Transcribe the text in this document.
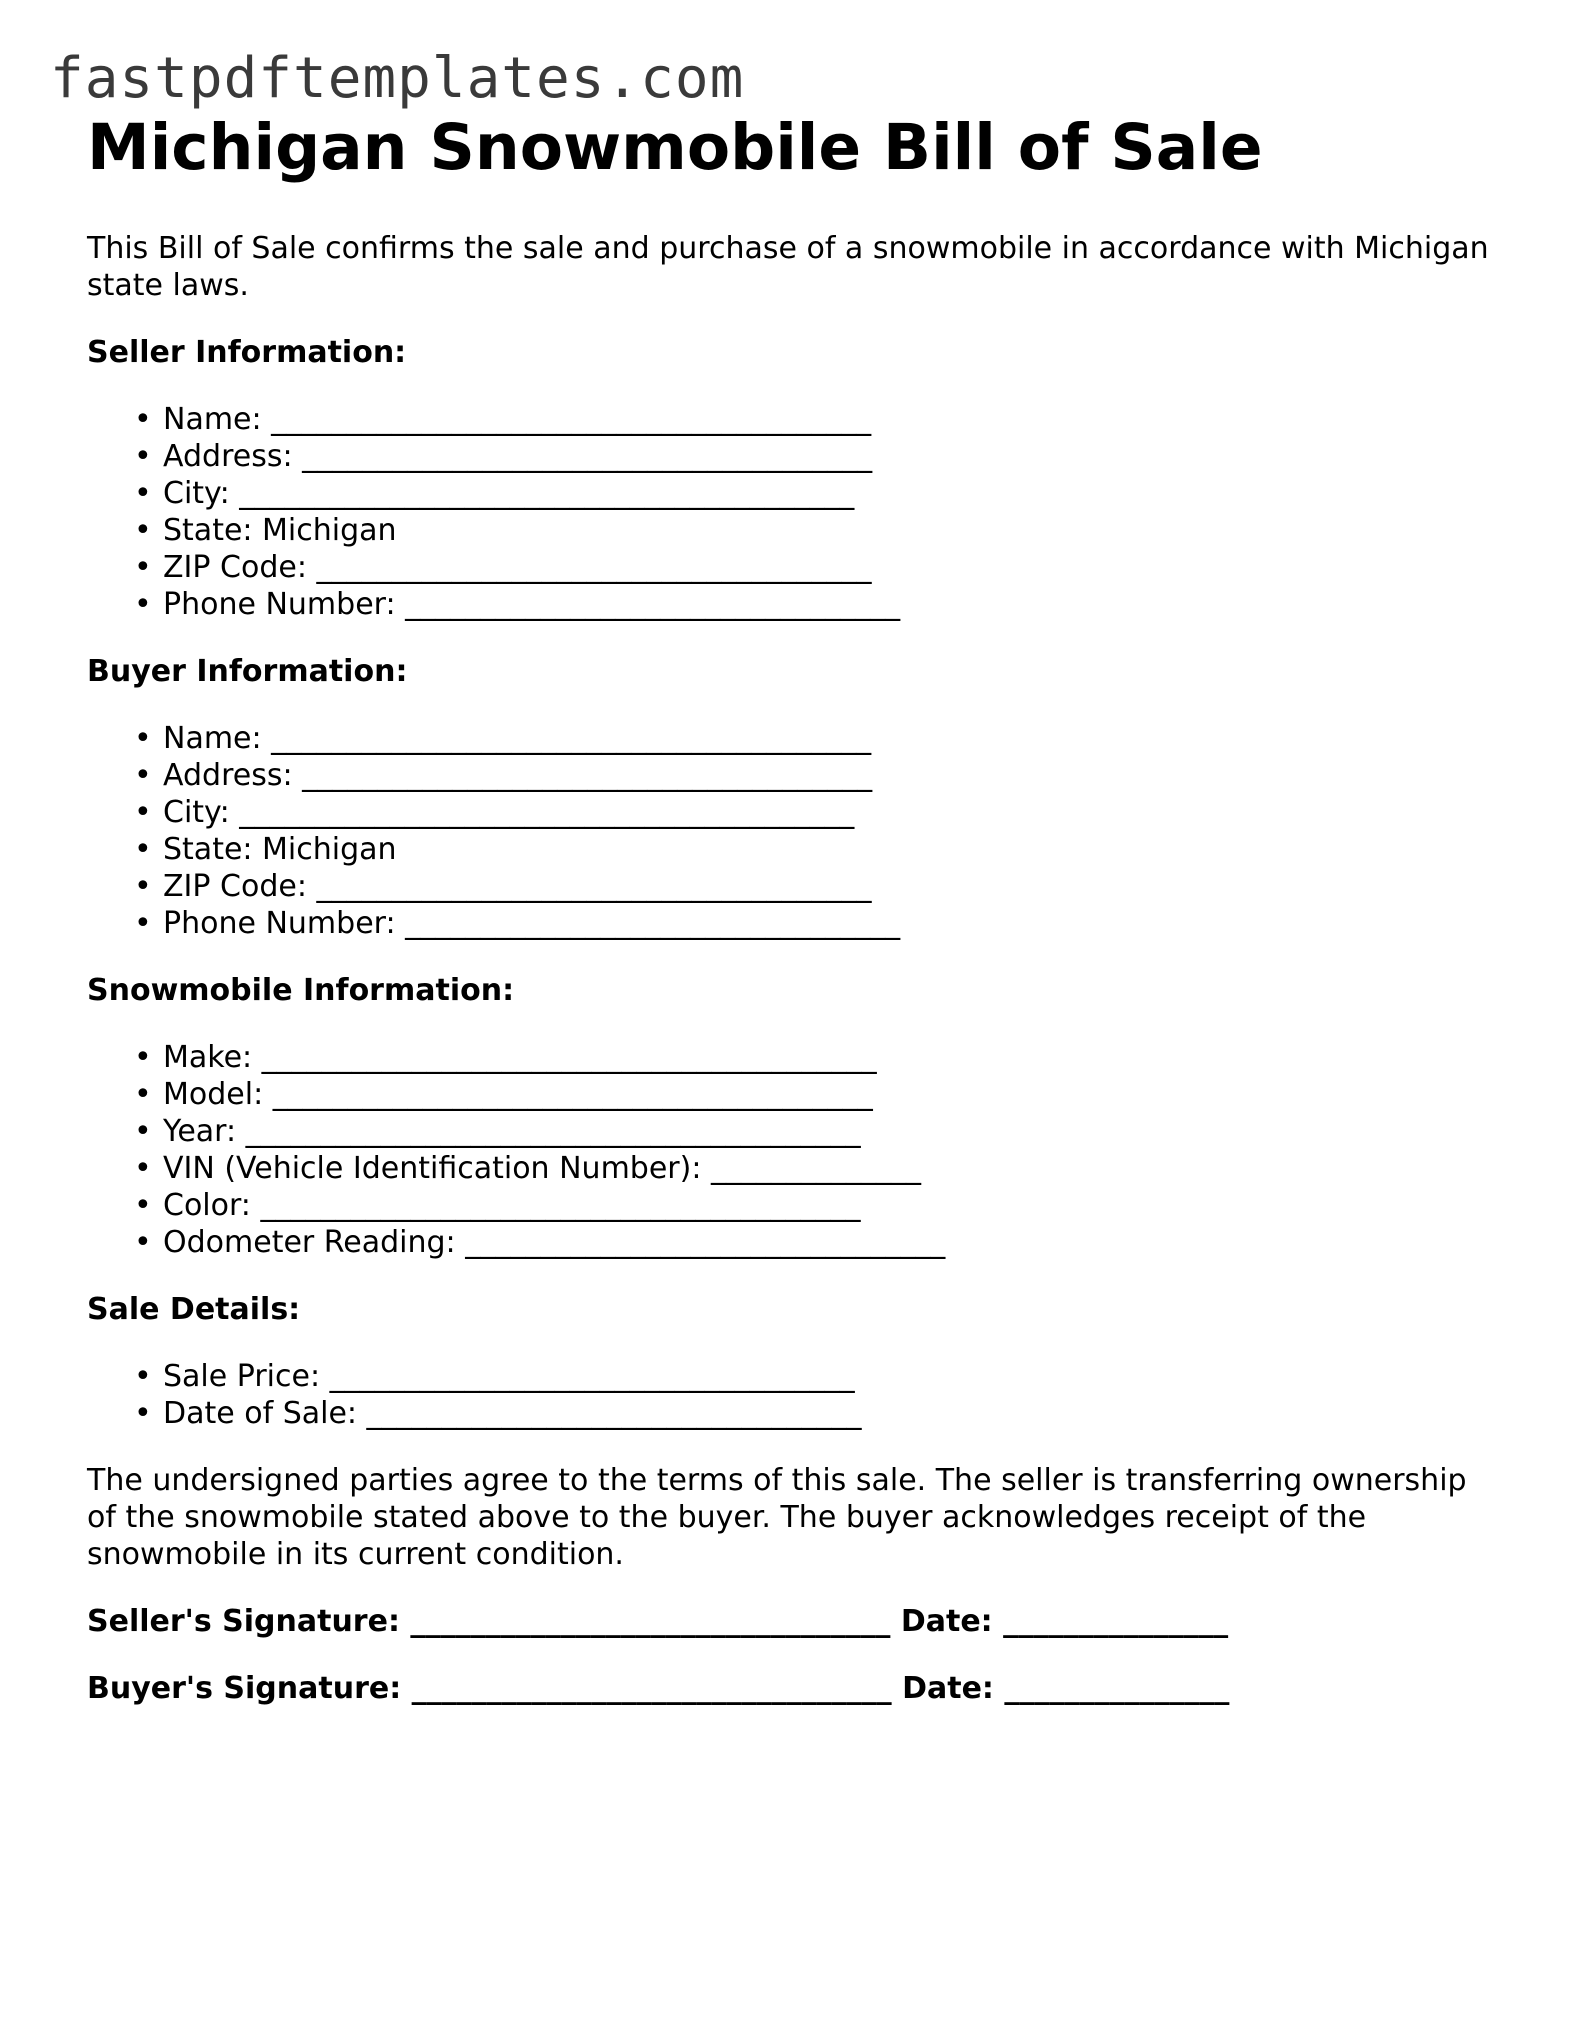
fastpdftemplates.com
Michigan Snowmobile Bill of Sale

This Bill of Sale confirms the sale and purchase of a snowmobile in accordance with Michigan state laws.

Seller Information:
• Name: ________________________________________
• Address: ______________________________________
• City: _________________________________________
• State: Michigan
• ZIP Code: _____________________________________
• Phone Number: _________________________________
Buyer Information:
• Name: ________________________________________
• Address: ______________________________________
• City: _________________________________________
• State: Michigan
• ZIP Code: _____________________________________
• Phone Number: _________________________________
Snowmobile Information:
• Make: _________________________________________
• Model: ________________________________________
• Year: _________________________________________
• VIN (Vehicle Identification Number): ______________
• Color: ________________________________________
• Odometer Reading: ________________________________
Sale Details:
• Sale Price: ___________________________________
• Date of Sale: _________________________________

The undersigned parties agree to the terms of this sale. The seller is transferring ownership of the snowmobile stated above to the buyer. The buyer acknowledges receipt of the snowmobile in its current condition.

Seller's Signature: ________________________________ Date: _______________
Buyer's Signature: ________________________________ Date: _______________
